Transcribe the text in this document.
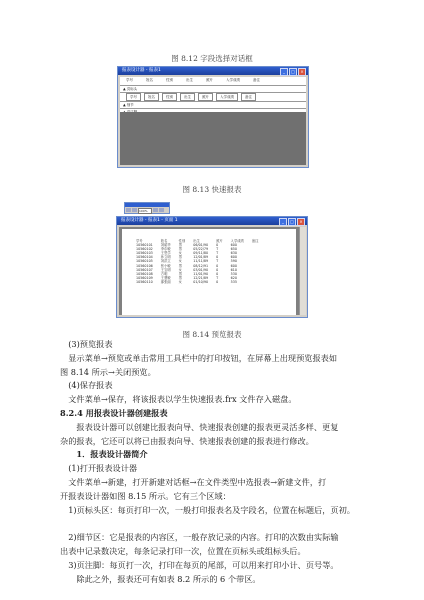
图 8.12 字段选择对话框
报表设计器 - 报表1	_	□	×
学号	姓名	性别	出生	照片	入学成绩	备注
▲ 页标头
学号	姓名	性别	出生	照片	入学成绩	备注
▲ 细节
图 8.13 快速报表
100%
报表设计器 - 报表1 - 页面 1	_	□	×
学号	姓名	性别	出生	照片	入学成绩	备注
10560101	刘昭华	男	06/01/90	0	600	
10560102	李尔敏	男	05/22/79	T	650	
10560103	王恩学	女	09/11/80	T	630	
10560104	孙立明	男	12/01/89	0	600	
10560105	刘洪立	女	11/11/89	T	590	
10560106	张小敏	男	08/12/91	0	600	
10560107	王宝明	女	03/01/90	0	610	
10560108	方明	男	11/01/90	0	530	
10560109	王慧敏	男	12/21/89	T	620	
10560110	那张丽	女	01/10/90	0	535	
图 8.14 预览报表
(3)预览报表
显示菜单→预览或单击常用工具栏中的打印按钮，在屏幕上出现预览报表如
图 8.14 所示→关闭预览。
(4)保存报表
文件菜单→保存，将该报表以学生快速报表.frx 文件存入磁盘。
8.2.4 用报表设计器创建报表
报表设计器可以创建比报表向导、快速报表创建的报表更灵活多样、更复
杂的报表，它还可以将已由报表向导、快速报表创建的报表进行修改。
1．报表设计器简介
(1)打开报表设计器
文件菜单→新建，打开新建对话框→在文件类型中选报表→新建文件，打
开报表设计器如图 8.15 所示。它有三个区域：
1)页标头区：每页打印一次，一般打印报表名及字段名，位置在标题后，页初。
2)细节区：它是报表的内容区，一般存放记录的内容。打印的次数由实际输
出表中记录数决定，每条记录打印一次，位置在页标头或组标头后。
3)页注脚：每页打一次，打印在每页的尾部，可以用来打印小计、页号等。
除此之外，报表还可有如表 8.2 所示的 6 个带区。
